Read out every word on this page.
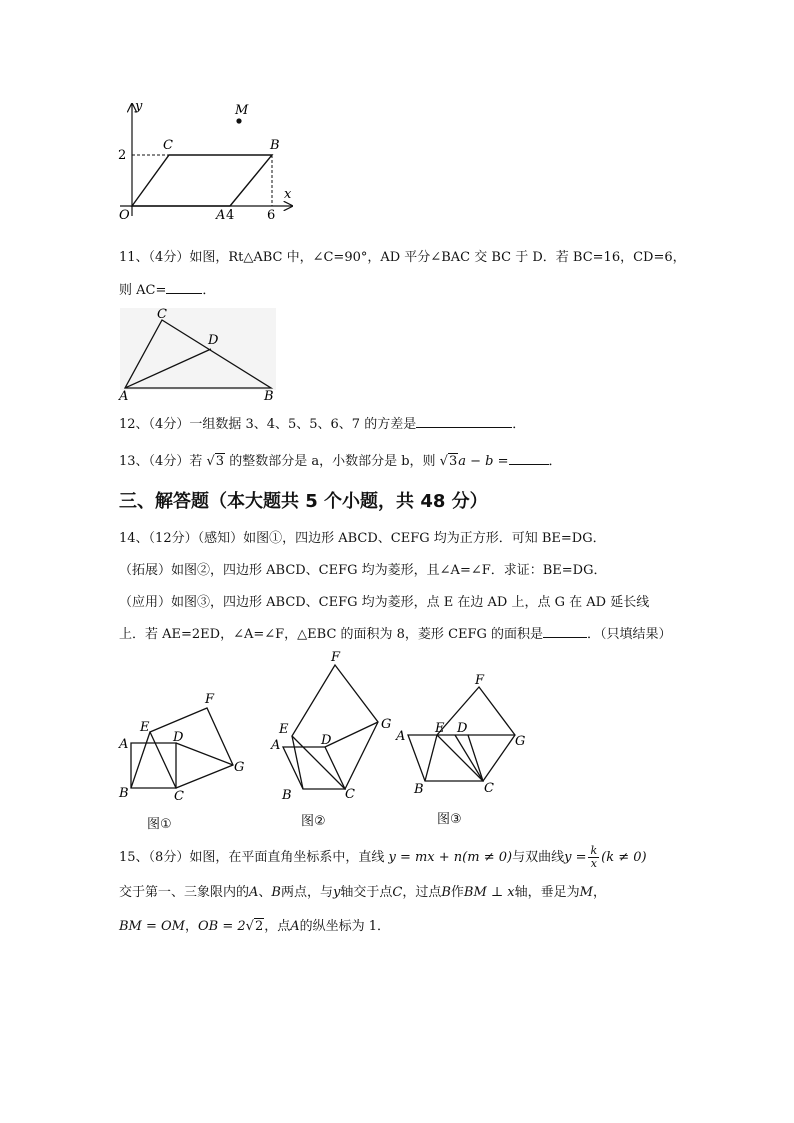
y	M
C	B
2
x
O	A 4	6
11、（4分）如图，Rt△ABC 中，∠C=90°，AD 平分∠BAC 交 BC 于 D．若 BC=16，CD=6，
则 AC=	．
C
D
A	B
12、（4分）一组数据 3、4、5、5、6、7 的方差是	．
13、（4分）若 √3 的整数部分是 a，小数部分是 b，则 √3a − b =	．
三、解答题（本大题共 5 个小题，共 48 分）
14、（12分）（感知）如图①，四边形 ABCD、CEFG 均为正方形．可知 BE=DG．
（拓展）如图②，四边形 ABCD、CEFG 均为菱形，且∠A=∠F．求证：BE=DG．
（应用）如图③，四边形 ABCD、CEFG 均为菱形，点 E 在边 AD 上，点 G 在 AD 延长线
上．若 AE=2ED，∠A=∠F，△EBC 的面积为 8，菱形 CEFG 的面积是	．（只填结果）
F
E
D
A
G
B	C
图①
F
G
E
D
A
B	C
图②
F
E D
A	G
B	C
图③
15、（8分）如图，在平面直角坐标系中，直线 y = mx + n(m ≠ 0)与双曲线$y = \frac{k}{x} (k \ne 0)$
交于第一、三象限内的A、B两点，与y轴交于点C，过点B作BM ⊥ x轴，垂足为M，
BM = OM，OB = 2√2，点A的纵坐标为 1．
